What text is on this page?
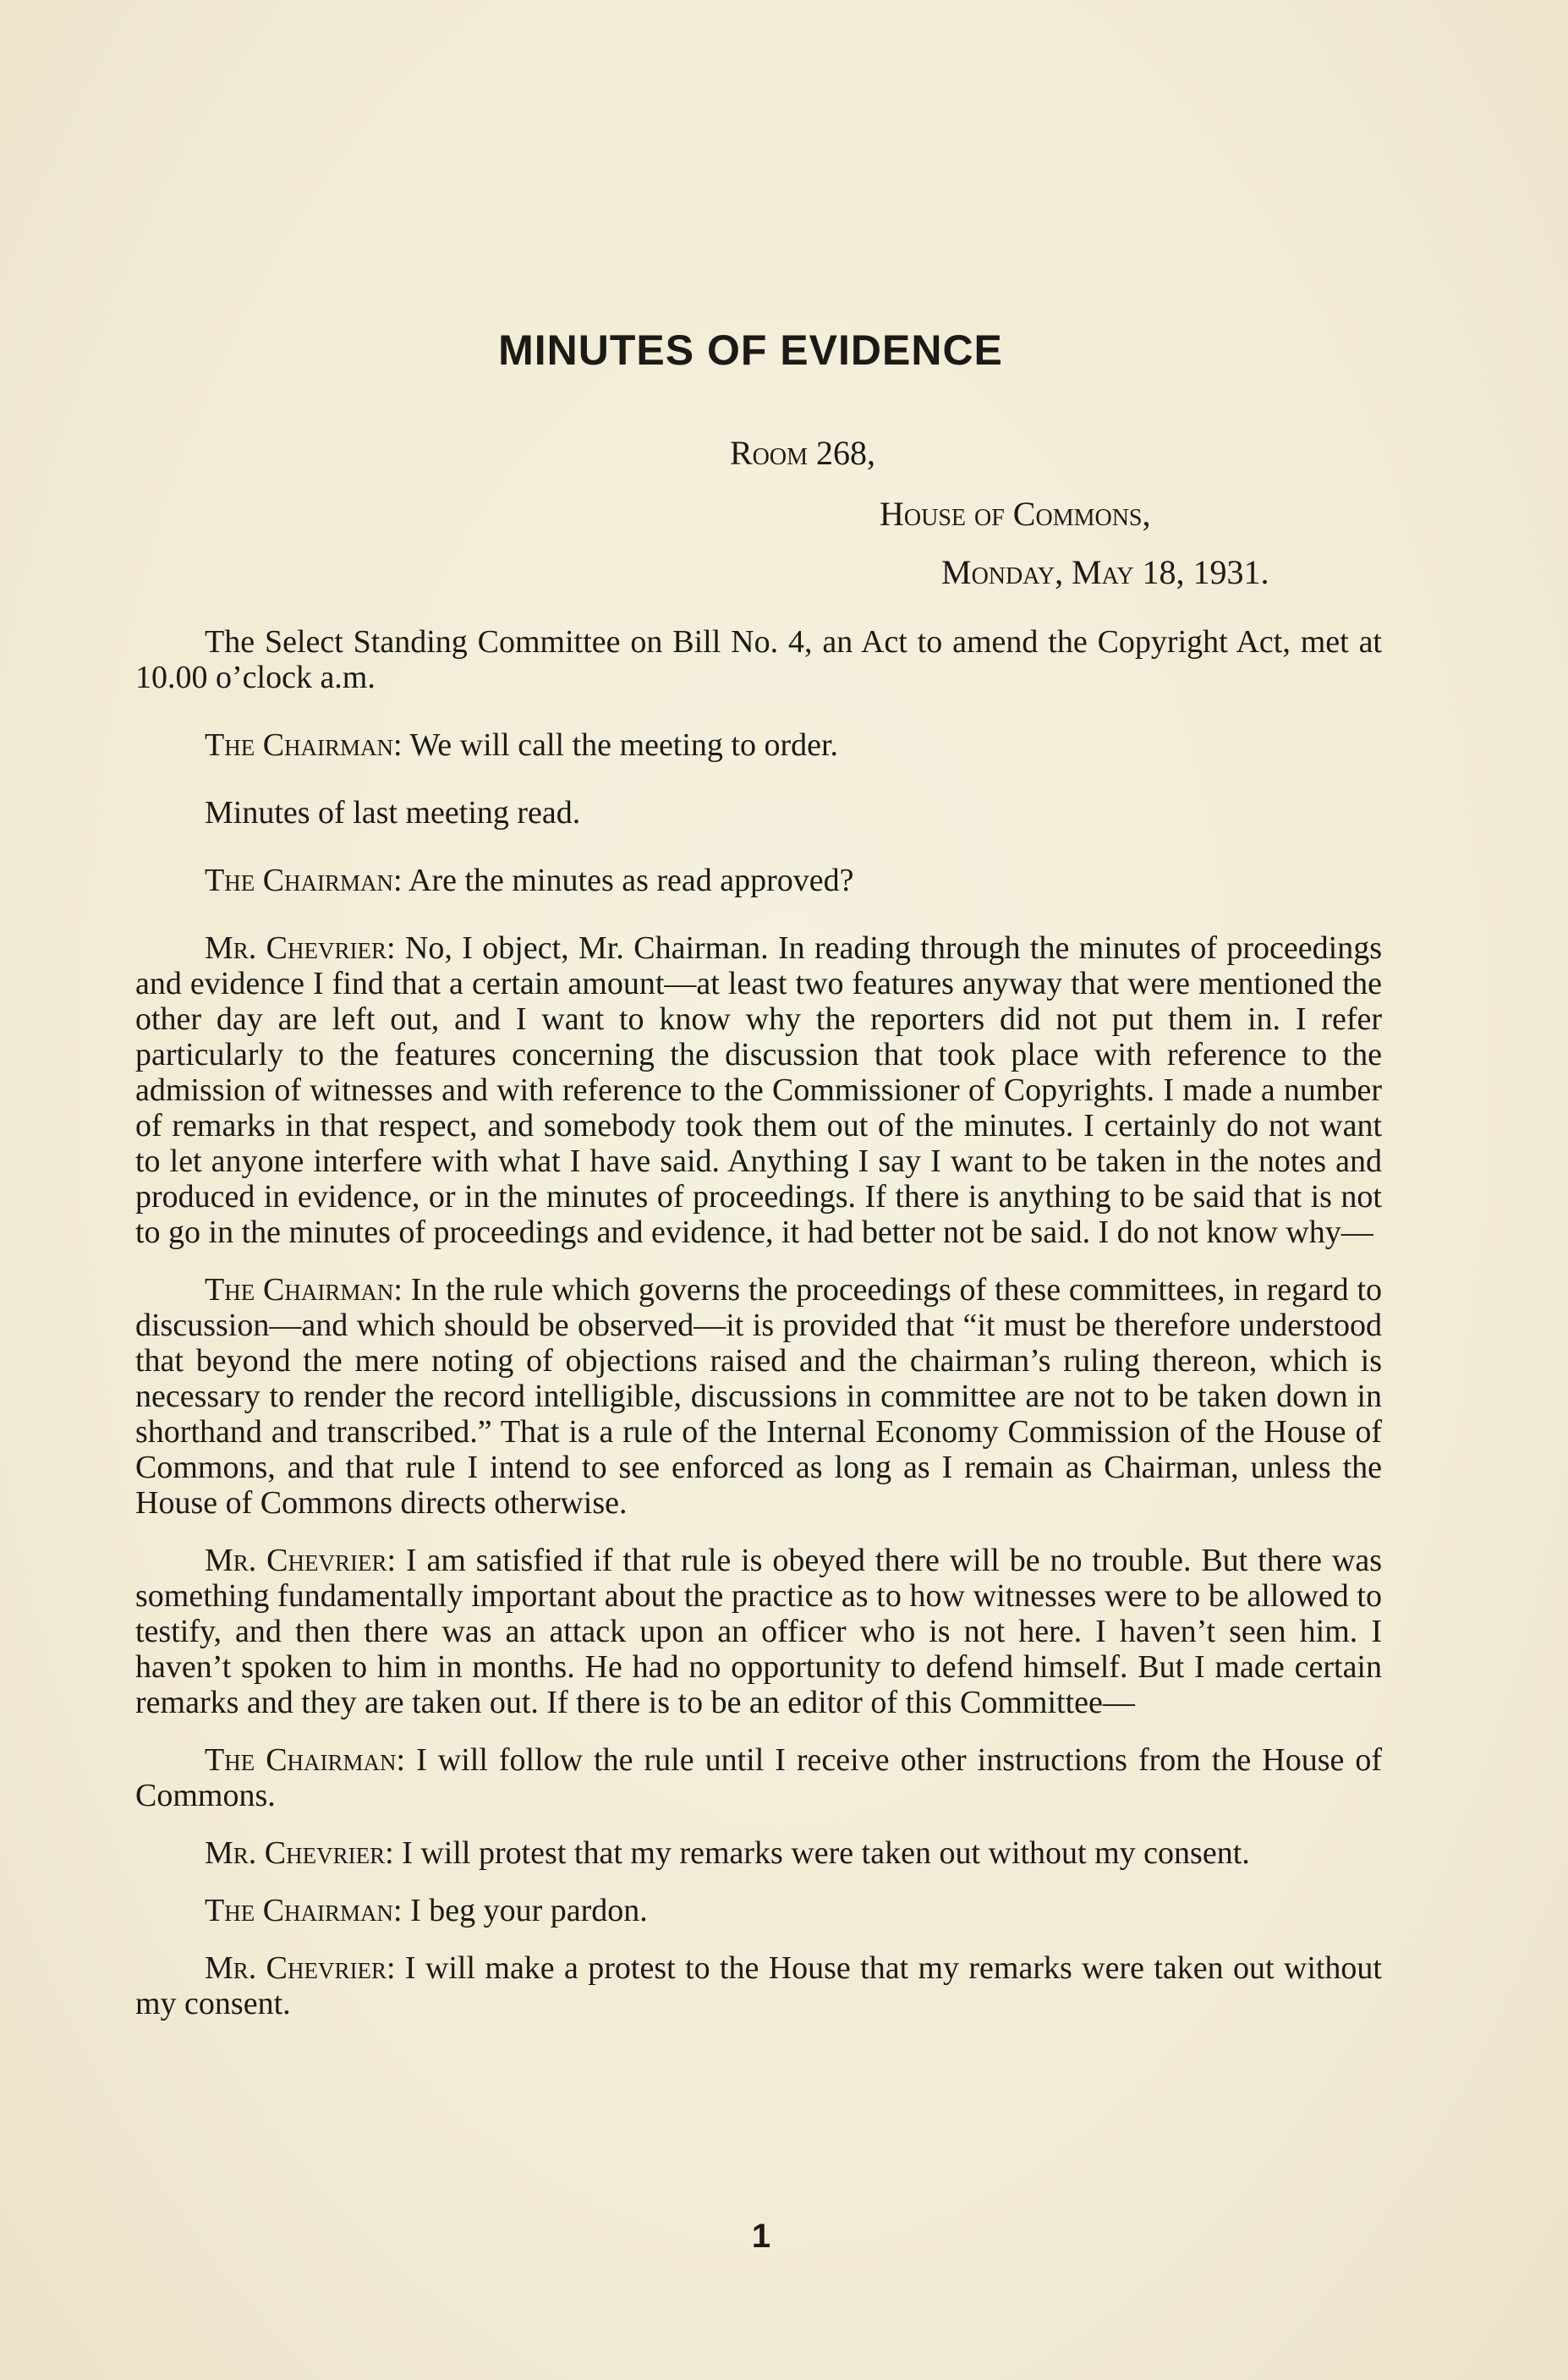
MINUTES OF EVIDENCE
Room 268,
House of Commons,
Monday, May 18, 1931.

The Select Standing Committee on Bill No. 4, an Act to amend the Copyright Act, met at 10.00 o’clock a.m.

The Chairman: We will call the meeting to order.

Minutes of last meeting read.

The Chairman: Are the minutes as read approved?

Mr. Chevrier: No, I object, Mr. Chairman. In reading through the minutes of proceedings and evidence I find that a certain amount—at least two features anyway that were mentioned the other day are left out, and I want to know why the reporters did not put them in. I refer particularly to the features concerning the discussion that took place with reference to the admission of witnesses and with reference to the Commissioner of Copyrights. I made a number of remarks in that respect, and somebody took them out of the minutes. I certainly do not want to let anyone interfere with what I have said. Anything I say I want to be taken in the notes and produced in evidence, or in the minutes of proceedings. If there is anything to be said that is not to go in the minutes of proceedings and evidence, it had better not be said. I do not know why—

The Chairman: In the rule which governs the proceedings of these committees, in regard to discussion—and which should be observed—it is provided that “it must be therefore understood that beyond the mere noting of objections raised and the chairman’s ruling thereon, which is necessary to render the record intelligible, discussions in committee are not to be taken down in shorthand and transcribed.” That is a rule of the Internal Economy Commission of the House of Commons, and that rule I intend to see enforced as long as I remain as Chairman, unless the House of Commons directs otherwise.

Mr. Chevrier: I am satisfied if that rule is obeyed there will be no trouble. But there was something fundamentally important about the practice as to how witnesses were to be allowed to testify, and then there was an attack upon an officer who is not here. I haven’t seen him. I haven’t spoken to him in months. He had no opportunity to defend himself. But I made certain remarks and they are taken out. If there is to be an editor of this Committee—

The Chairman: I will follow the rule until I receive other instructions from the House of Commons.

Mr. Chevrier: I will protest that my remarks were taken out without my consent.

The Chairman: I beg your pardon.

Mr. Chevrier: I will make a protest to the House that my remarks were taken out without my consent.

1
